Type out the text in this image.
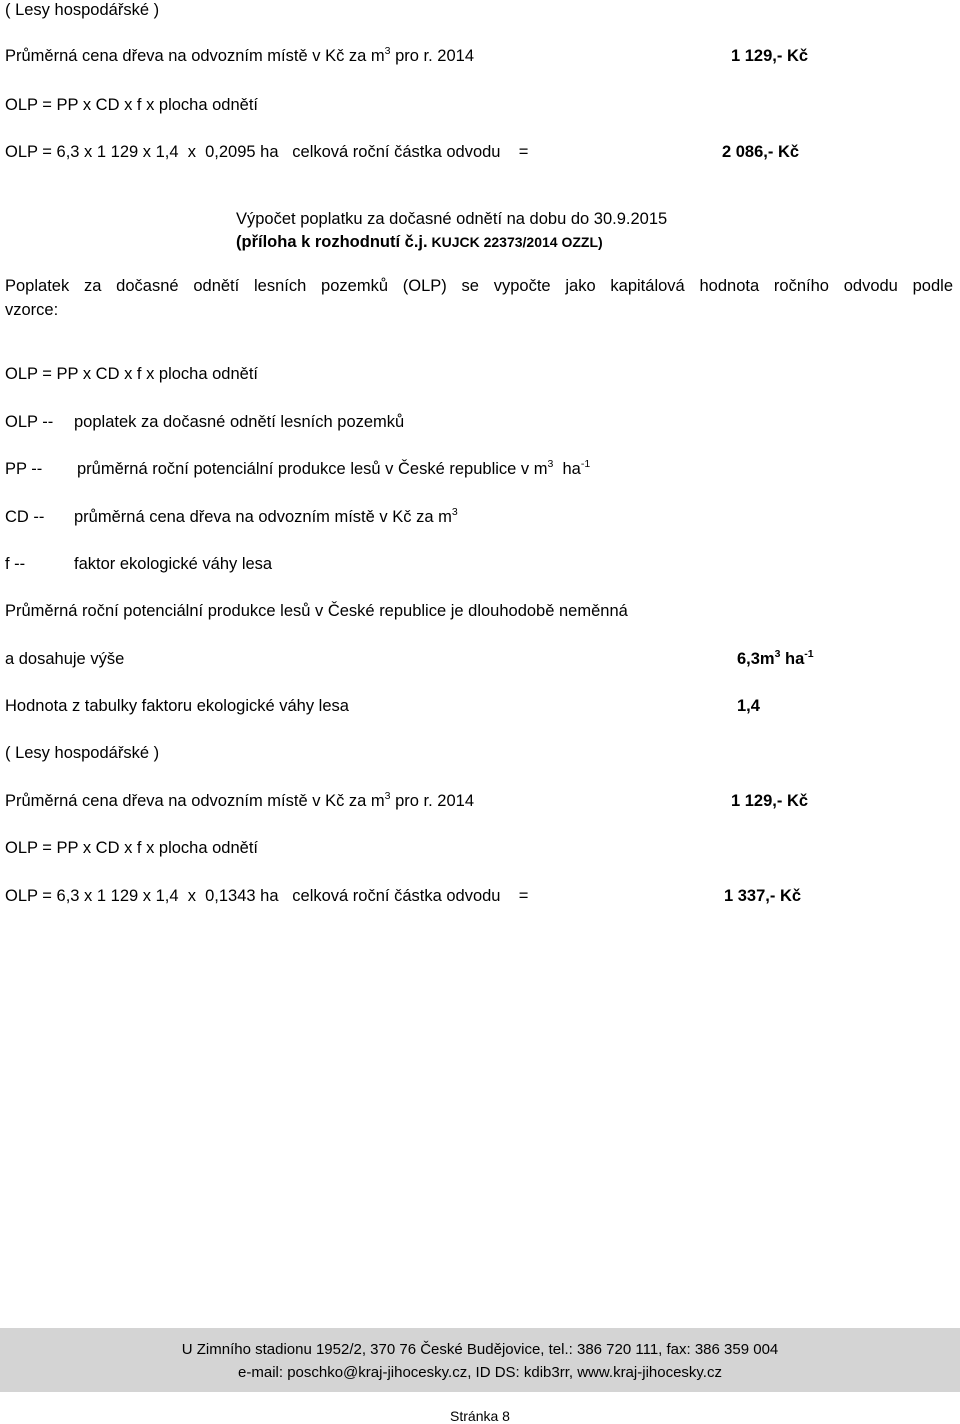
( Lesy hospodářské )
Průměrná cena dřeva na odvozním místě v Kč za $m^3$ pro r. 2014	1 129,- Kč
OLP = PP x CD x f x plocha odnětí
OLP = 6,3 x 1 129 x 1,4  x  0,2095 ha   celková roční částka odvodu    =	2 086,- Kč
Výpočet poplatku za dočasné odnětí na dobu do 30.9.2015
(příloha k rozhodnutí č.j. KUJCK 22373/2014 OZZL)
Poplatek za dočasné odnětí lesních pozemků (OLP) se vypočte jako kapitálová hodnota ročního odvodu podle
vzorce:
OLP = PP x CD x f x plocha odnětí
OLP -- poplatek za dočasné odnětí lesních pozemků
PP -- průměrná roční potenciální produkce lesů v České republice v $m^3$  $ha^{-1}$
CD -- průměrná cena dřeva na odvozním místě v Kč za $m^3$
f --	faktor ekologické váhy lesa
Průměrná roční potenciální produkce lesů v České republice je dlouhodobě neměnná
a dosahuje výše	$6,3m^3$ $ha^{-1}$
Hodnota z tabulky faktoru ekologické váhy lesa	1,4
( Lesy hospodářské )
Průměrná cena dřeva na odvozním místě v Kč za $m^3$ pro r. 2014	1 129,- Kč
OLP = PP x CD x f x plocha odnětí
OLP = 6,3 x 1 129 x 1,4  x  0,1343 ha   celková roční částka odvodu    =	1 337,- Kč
U Zimního stadionu 1952/2, 370 76 České Budějovice, tel.: 386 720 111, fax: 386 359 004
e-mail: poschko@kraj-jihocesky.cz, ID DS: kdib3rr, www.kraj-jihocesky.cz
Stránka 8
